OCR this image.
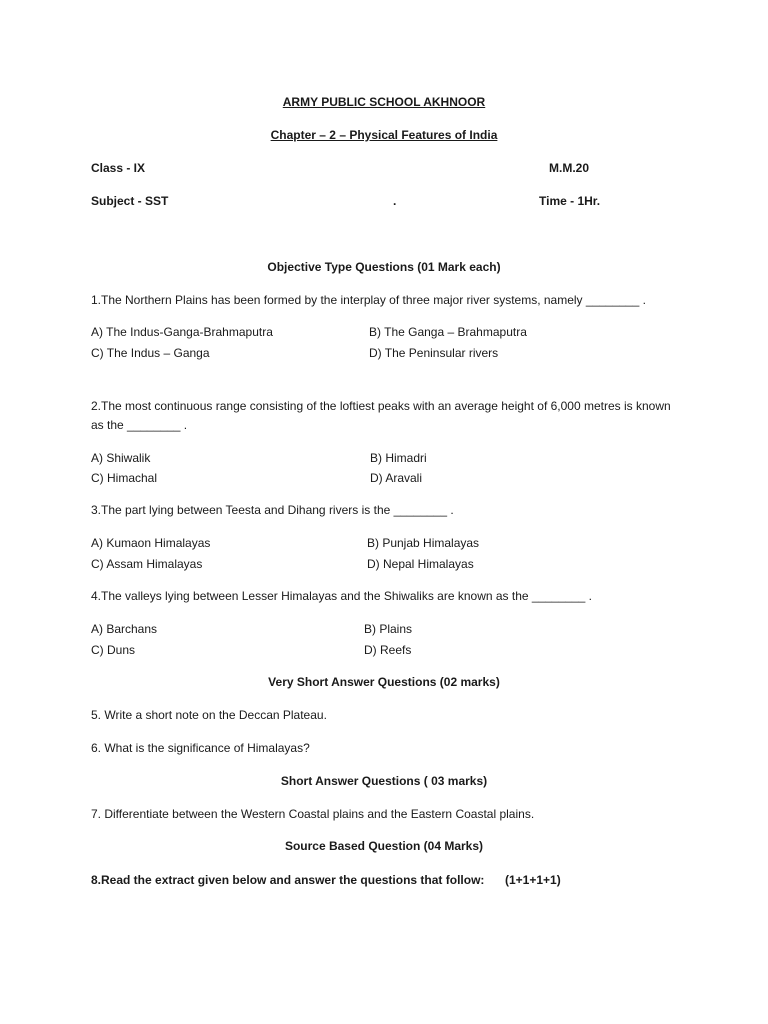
ARMY PUBLIC SCHOOL AKHNOOR
Chapter – 2 – Physical Features of India
Class - IX	M.M.20
Subject - SST	.	Time - 1Hr.
Objective Type Questions (01 Mark each)
1.The Northern Plains has been formed by the interplay of three major river systems, namely ________ .
A) The Indus-Ganga-Brahmaputra	B) The Ganga – Brahmaputra
C) The Indus – Ganga	D) The Peninsular rivers
2.The most continuous range consisting of the loftiest peaks with an average height of 6,000 metres is known as the ________ .
A) Shiwalik	B) Himadri
C) Himachal	D) Aravali
3.The part lying between Teesta and Dihang rivers is the ________ .
A) Kumaon Himalayas	B) Punjab Himalayas
C) Assam Himalayas	D) Nepal Himalayas
4.The valleys lying between Lesser Himalayas and the Shiwaliks are known as the ________ .
A) Barchans	B) Plains
C) Duns	D) Reefs
Very Short Answer Questions (02 marks)
5. Write a short note on the Deccan Plateau.
6. What is the significance of Himalayas?
Short Answer Questions ( 03 marks)
7. Differentiate between the Western Coastal plains and the Eastern Coastal plains.
Source Based Question (04 Marks)
8.Read the extract given below and answer the questions that follow: (1+1+1+1)
